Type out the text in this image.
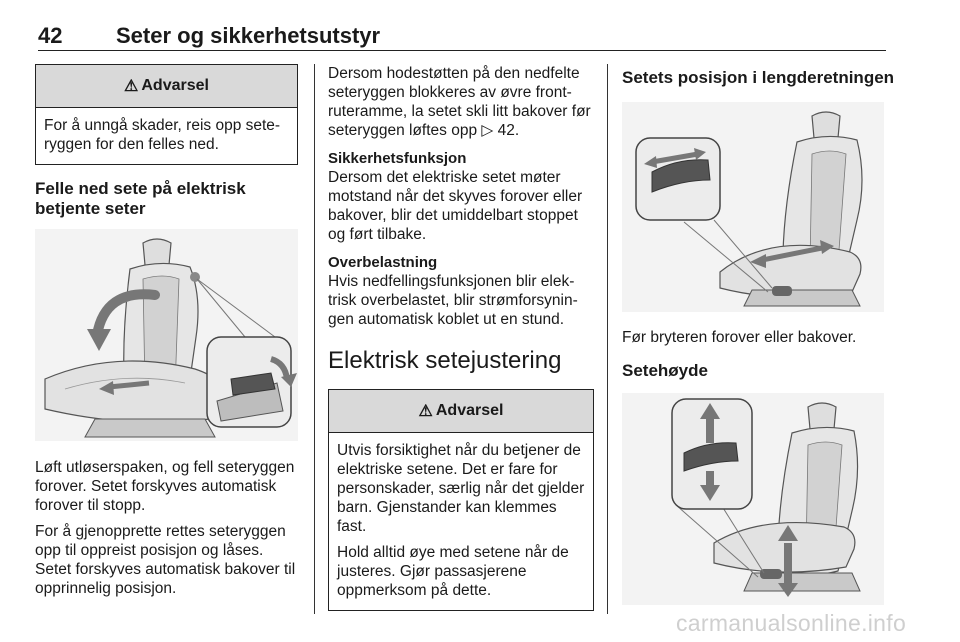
42 Seter og sikkerhetsutstyr
⚠ Advarsel

For å unngå skader, reis opp sete-ryggen for den felles ned.

Felle ned sete på elektrisk
betjente seter

Løft utløserspaken, og fell seteryggen forover. Setet forskyves automatisk forover til stopp.

For å gjenopprette rettes seteryggen opp til oppreist posisjon og låses. Setet forskyves automatisk bakover til opprinnelig posisjon.

Dersom hodestøtten på den nedfelte seteryggen blokkeres av øvre front-ruteramme, la setet skli litt bakover før seteryggen løftes opp ▷ 42.

Sikkerhetsfunksjon

Dersom det elektriske setet møter motstand når det skyves forover eller bakover, blir det umiddelbart stoppet og ført tilbake.

Overbelastning

Hvis nedfellingsfunksjonen blir elek-trisk overbelastet, blir strømforsynin-gen automatisk koblet ut en stund.

Elektrisk setejustering
⚠ Advarsel

Utvis forsiktighet når du betjener de elektriske setene. Det er fare for personskader, særlig når det gjelder barn. Gjenstander kan klemmes fast.

Hold alltid øye med setene når de justeres. Gjør passasjerene oppmerksom på dette.

Setets posisjon i lengderetningen

Før bryteren forover eller bakover.

Setehøyde
carmanualsonline.info
